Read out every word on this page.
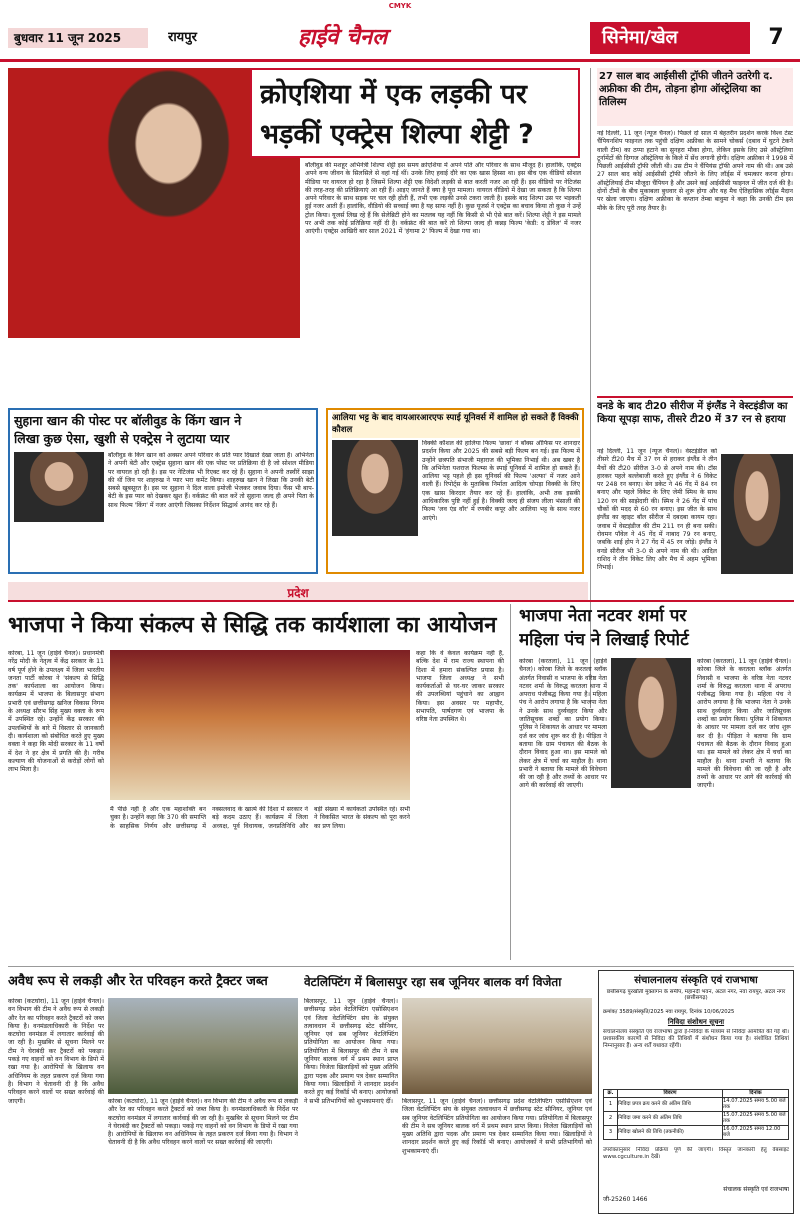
CMYK
बुधवार 11 जून 2025	रायपुर	हाईवे चैनल	सिनेमा/खेल	7
क्रोएशिया में एक लड़की पर
भड़कीं एक्ट्रेस शिल्पा शेट्टी ?
बॉलीवुड की मशहूर अभिनेत्री शिल्पा शेट्टी इस समय क्रोएशिया में अपने पति और परिवार के साथ मौजूद हैं। हालांकि, एक्ट्रेस अपने वन्य जीवन के सिलसिले से वहां गई थीं। उनके लिए हवाई दौरे का एक खास हिस्सा था। इस बीच एक वीडियो सोशल मीडिया पर वायरल हो रहा है जिसमें शिल्पा शेट्टी एक विदेशी लड़की से बात करती नजर आ रही हैं। इस वीडियो पर नेटिजंस की तरह-तरह की प्रतिक्रियाएं आ रही हैं। आइए जानते हैं क्या है पूरा मामला। वायरल वीडियो में देखा जा सकता है कि शिल्पा अपने परिवार के साथ सड़क पर चल रही होती हैं, तभी एक लड़की उनसे टकरा जाती है। इसके बाद शिल्पा उस पर भड़कती हुई नजर आती हैं। हालांकि, वीडियो की सच्चाई क्या है यह साफ नहीं है। कुछ यूजर्स ने एक्ट्रेस का बचाव किया तो कुछ ने उन्हें ट्रोल किया। यूजर्स लिख रहे हैं कि सेलेब्रिटी होने का मतलब यह नहीं कि किसी से भी ऐसे बात करें। शिल्पा शेट्टी ने इस मामले पर अभी तक कोई प्रतिक्रिया नहीं दी है। वर्कफ्रंट की बात करें तो शिल्पा जल्द ही कन्नड़ फिल्म 'केडी: द डेविल' में नजर आएंगी। एक्ट्रेस आखिरी बार साल 2021 में 'हंगामा 2' फिल्म में देखा गया था।
27 साल बाद आईसीसी ट्रॉफी जीतने उतरेगी द. अफ्रीका की टीम, तोड़ना होगा ऑस्ट्रेलिया का तिलिस्म
नई दिल्ली, 11 जून (न्यूज चैनल)। पिछले दो साल में बेहतरीन प्रदर्शन करके विश्व टेस्ट चैंपियनशिप फाइनल तक पहुंची दक्षिण अफ्रीका के सामने चोकर्स (दबाव में घुटने टेकने वाली टीम) का ठप्पा हटाने का सुनहरा मौका होगा, लेकिन इसके लिए उसे ऑस्ट्रेलिया टूर्नामेंटों की दिग्गज ऑस्ट्रेलिया के किले में सेंध लगानी होगी। दक्षिण अफ्रीका ने 1998 में पिछली आईसीसी ट्रॉफी जीती थी। उस टीम ने चैंपियंस ट्रॉफी अपने नाम की थी। अब उसे 27 साल बाद कोई आईसीसी ट्रॉफी जीतने के लिए लॉर्ड्स में चमत्कार करना होगा। ऑस्ट्रेलियाई टीम मौजूदा चैंपियन है और उसने कई आईसीसी फाइनल में जीत दर्ज की है। दोनों टीमों के बीच मुकाबला बुधवार से शुरू होगा और यह मैच ऐतिहासिक लॉर्ड्स मैदान पर खेला जाएगा। दक्षिण अफ्रीका के कप्तान तेम्बा बावुमा ने कहा कि उनकी टीम इस मौके के लिए पूरी तरह तैयार है।
वनडे के बाद टी20 सीरीज में इंग्लैंड ने वेस्टइंडीज का किया सूपड़ा साफ, तीसरे टी20 में 37 रन से हराया
नई दिल्ली, 11 जून (न्यूज चैनल)। वेस्टइंडीज को तीसरे टी20 मैच में 37 रन से हराकर इंग्लैंड ने तीन मैचों की टी20 सीरीज 3-0 से अपने नाम की। टॉस हारकर पहले बल्लेबाजी करते हुए इंग्लैंड ने 6 विकेट पर 248 रन बनाए। बेन डकेट ने 46 गेंद में 84 रन बनाए और पहले विकेट के लिए जेमी स्मिथ के साथ 120 रन की साझेदारी की। स्मिथ ने 26 गेंद में पांच चौकों की मदद से 60 रन बनाए। इस जीत के साथ इंग्लैंड का व्हाइट बॉल सीरीज में दबदबा कायम रहा। जवाब में वेस्टइंडीज की टीम 211 रन ही बना सकी। रोवमन पॉवेल ने 45 गेंद में नाबाद 79 रन बनाए, जबकि शाई होप ने 27 गेंद में 45 रन जोड़े। इंग्लैंड ने वनडे सीरीज भी 3-0 से अपने नाम की थी। आदिल राशिद ने तीन विकेट लिए और मैच में अहम भूमिका निभाई।
सुहाना खान की पोस्ट पर बॉलीवुड के किंग खान ने
लिखा कुछ ऐसा, खुशी से एक्ट्रेस ने लुटाया प्यार
बॉलीवुड के किंग खान को अक्सर अपने परिवार के प्रति प्यार दिखाते देखा जाता है। अभिनेता ने अपनी बेटी और एक्ट्रेस सुहाना खान की एक पोस्ट पर प्रतिक्रिया दी है जो सोशल मीडिया पर वायरल हो रही है। इस पर नेटिजंस भी रिएक्ट कर रहे हैं। सुहाना ने अपनी तस्वीरें साझा की थीं जिन पर शाहरुख ने प्यार भरा कमेंट किया। शाहरुख खान ने लिखा कि उनकी बेटी सबसे खूबसूरत है। इस पर सुहाना ने दिल वाला इमोजी भेजकर जवाब दिया। फैंस भी बाप-बेटी के इस प्यार को देखकर खुश हैं। वर्कफ्रंट की बात करें तो सुहाना जल्द ही अपने पिता के साथ फिल्म 'किंग' में नजर आएंगी जिसका निर्देशन सिद्धार्थ आनंद कर रहे हैं।
आलिया भट्ट के बाद वायआरआरएफ स्पाई यूनिवर्स में शामिल हो सकते हैं विक्की कौशल
विक्की कौशल की हालिया फिल्म 'छावा' ने बॉक्स ऑफिस पर शानदार प्रदर्शन किया और 2025 की सबसे बड़ी फिल्म बन गई। इस फिल्म में उन्होंने छत्रपति संभाजी महाराज की भूमिका निभाई थी। अब खबर है कि अभिनेता यशराज फिल्म्स के स्पाई यूनिवर्स में शामिल हो सकते हैं। आलिया भट्ट पहले ही इस यूनिवर्स की फिल्म 'अल्फा' में नजर आने वाली हैं। रिपोर्ट्स के मुताबिक निर्माता आदित्य चोपड़ा विक्की के लिए एक खास किरदार तैयार कर रहे हैं। हालांकि, अभी तक इसकी आधिकारिक पुष्टि नहीं हुई है। विक्की जल्द ही संजय लीला भंसाली की फिल्म 'लव एंड वॉर' में रणबीर कपूर और आलिया भट्ट के साथ नजर आएंगे।
प्रदेश
भाजपा ने किया संकल्प से सिद्धि तक कार्यशाला का आयोजन
कोरबा, 11 जून (हाईवे चैनल)। प्रधानमंत्री नरेंद्र मोदी के नेतृत्व में केंद्र सरकार के 11 वर्ष पूर्ण होने के उपलक्ष्य में जिला भारतीय जनता पार्टी कोरबा ने 'संकल्प से सिद्धि तक' कार्यशाला का आयोजन किया। कार्यक्रम में भाजपा के बिलासपुर संभाग प्रभारी एवं छत्तीसगढ़ खनिज विकास निगम के अध्यक्ष सौरभ सिंह मुख्य वक्ता के रूप में उपस्थित रहे। उन्होंने केंद्र सरकार की उपलब्धियों के बारे में विस्तार से जानकारी दी। कार्यशाला को संबोधित करते हुए मुख्य वक्ता ने कहा कि मोदी सरकार के 11 वर्षों में देश ने हर क्षेत्र में प्रगति की है। गरीब कल्याण की योजनाओं से करोड़ों लोगों को लाभ मिला है।
मैं पीछे नहीं है और एक महाशक्ति बन चुका है। उन्होंने कहा कि 370 की समाप्ति के साहसिक निर्णय और छत्तीसगढ़ में नक्सलवाद के खात्मे की दिशा में सरकार ने बड़े कदम उठाए हैं। कार्यक्रम में जिला अध्यक्ष, पूर्व विधायक, जनप्रतिनिधि और बड़ी संख्या में कार्यकर्ता उपस्थित रहे। सभी ने विकसित भारत के संकल्प को पूरा करने का प्रण लिया।
कहा कि वे केवल कार्यक्रम नहीं हैं, बल्कि देश में राम राज्य स्थापना की दिशा में हमारा संकल्पित प्रयास है। भाजपा जिला अध्यक्ष ने सभी कार्यकर्ताओं से घर-घर जाकर सरकार की उपलब्धियां पहुंचाने का आह्वान किया। इस अवसर पर महापौर, सभापति, पार्षदगण एवं भाजपा के वरिष्ठ नेता उपस्थित थे।
भाजपा नेता नटवर शर्मा पर
महिला पंच ने लिखाई रिपोर्ट
कोरबा (करतला), 11 जून (हाईवे चैनल)। कोरबा जिले के करतला ब्लॉक अंतर्गत निवासी व भाजपा के वरिष्ठ नेता नटवर शर्मा के विरुद्ध करतला थाना में अपराध पंजीबद्ध किया गया है। महिला पंच ने आरोप लगाया है कि भाजपा नेता ने उनके साथ दुर्व्यवहार किया और जातिसूचक शब्दों का प्रयोग किया। पुलिस ने शिकायत के आधार पर मामला दर्ज कर जांच शुरू कर दी है। पीड़िता ने बताया कि ग्राम पंचायत की बैठक के दौरान विवाद हुआ था। इस मामले को लेकर क्षेत्र में चर्चा का माहौल है। थाना प्रभारी ने बताया कि मामले की विवेचना की जा रही है और तथ्यों के आधार पर आगे की कार्रवाई की जाएगी।
कोरबा (करतला), 11 जून (हाईवे चैनल)। कोरबा जिले के करतला ब्लॉक अंतर्गत निवासी व भाजपा के वरिष्ठ नेता नटवर शर्मा के विरुद्ध करतला थाना में अपराध पंजीबद्ध किया गया है। महिला पंच ने आरोप लगाया है कि भाजपा नेता ने उनके साथ दुर्व्यवहार किया और जातिसूचक शब्दों का प्रयोग किया। पुलिस ने शिकायत के आधार पर मामला दर्ज कर जांच शुरू कर दी है। पीड़िता ने बताया कि ग्राम पंचायत की बैठक के दौरान विवाद हुआ था। इस मामले को लेकर क्षेत्र में चर्चा का माहौल है। थाना प्रभारी ने बताया कि मामले की विवेचना की जा रही है और तथ्यों के आधार पर आगे की कार्रवाई की जाएगी।
अवैध रूप से लकड़ी और रेत परिवहन करते ट्रैक्टर जब्त
कोरबा (कटघोरा), 11 जून (हाईवे चैनल)। वन विभाग की टीम ने अवैध रूप से लकड़ी और रेत का परिवहन करते ट्रैक्टरों को जब्त किया है। वनमंडलाधिकारी के निर्देश पर कटघोरा वनमंडल में लगातार कार्रवाई की जा रही है। मुखबिर से सूचना मिलने पर टीम ने घेराबंदी कर ट्रैक्टरों को पकड़ा। पकड़े गए वाहनों को वन विभाग के डिपो में रखा गया है। आरोपियों के खिलाफ वन अधिनियम के तहत प्रकरण दर्ज किया गया है। विभाग ने चेतावनी दी है कि अवैध परिवहन करने वालों पर सख्त कार्रवाई की जाएगी।	कोरबा (कटघोरा), 11 जून (हाईवे चैनल)। वन विभाग की टीम ने अवैध रूप से लकड़ी और रेत का परिवहन करते ट्रैक्टरों को जब्त किया है। वनमंडलाधिकारी के निर्देश पर कटघोरा वनमंडल में लगातार कार्रवाई की जा रही है। मुखबिर से सूचना मिलने पर टीम ने घेराबंदी कर ट्रैक्टरों को पकड़ा। पकड़े गए वाहनों को वन विभाग के डिपो में रखा गया है। आरोपियों के खिलाफ वन अधिनियम के तहत प्रकरण दर्ज किया गया है। विभाग ने चेतावनी दी है कि अवैध परिवहन करने वालों पर सख्त कार्रवाई की जाएगी।
वेटलिफ्टिंग में बिलासपुर रहा सब जूनियर बालक वर्ग विजेता
बिलासपुर, 11 जून (हाईवे चैनल)। छत्तीसगढ़ प्रदेश वेटलिफ्टिंग एसोसिएशन एवं जिला वेटलिफ्टिंग संघ के संयुक्त तत्वावधान में छत्तीसगढ़ स्टेट सीनियर, जूनियर एवं सब जूनियर वेटलिफ्टिंग प्रतियोगिता का आयोजन किया गया। प्रतियोगिता में बिलासपुर की टीम ने सब जूनियर बालक वर्ग में प्रथम स्थान प्राप्त किया। विजेता खिलाड़ियों को मुख्य अतिथि द्वारा पदक और प्रमाण पत्र देकर सम्मानित किया गया। खिलाड़ियों ने शानदार प्रदर्शन करते हुए कई रिकॉर्ड भी बनाए। आयोजकों ने सभी प्रतिभागियों को शुभकामनाएं दीं।	बिलासपुर, 11 जून (हाईवे चैनल)। छत्तीसगढ़ प्रदेश वेटलिफ्टिंग एसोसिएशन एवं जिला वेटलिफ्टिंग संघ के संयुक्त तत्वावधान में छत्तीसगढ़ स्टेट सीनियर, जूनियर एवं सब जूनियर वेटलिफ्टिंग प्रतियोगिता का आयोजन किया गया। प्रतियोगिता में बिलासपुर की टीम ने सब जूनियर बालक वर्ग में प्रथम स्थान प्राप्त किया। विजेता खिलाड़ियों को मुख्य अतिथि द्वारा पदक और प्रमाण पत्र देकर सम्मानित किया गया। खिलाड़ियों ने शानदार प्रदर्शन करते हुए कई रिकॉर्ड भी बनाए। आयोजकों ने सभी प्रतिभागियों को शुभकामनाएं दीं।
संचालनालय संस्कृति एवं राजभाषा
छत्तीसगढ़ पुरखौती मुक्तांगन के समीप, महानदी भवन, अटल नगर, नवा रायपुर, अटल नगर (छत्तीसगढ़)
क्रमांक/ 3589/संस्कृति/2025 नवा रायपुर, दिनांक 10/06/2025
निविदा संशोधन सूचना
संचालनालय संस्कृति एवं राजभाषा द्वारा ई-निविदा के माध्यम से निविदा आमंत्रित की गई थी। प्रशासकीय कारणों से निविदा की तिथियों में संशोधन किया गया है। संशोधित तिथियां निम्नानुसार हैं। अन्य शर्तें यथावत रहेंगी।
क्र.	विवरण	दिनांक
1	निविदा प्रपत्र क्रय करने की अंतिम तिथि	14.07.2025 समय 5.00 बजे तक
2	निविदा जमा करने की अंतिम तिथि	15.07.2025 समय 5.00 बजे तक
3	निविदा खोलने की तिथि (तकनीकी)	16.07.2025 समय 12.00 बजे
उपरोक्तानुसार निविदा प्रक्रिया पूर्ण की जाएगी। विस्तृत जानकारी हेतु वेबसाइट www.cgculture.in देखें।
जी-25260 1466
संचालक संस्कृति एवं राजभाषा
